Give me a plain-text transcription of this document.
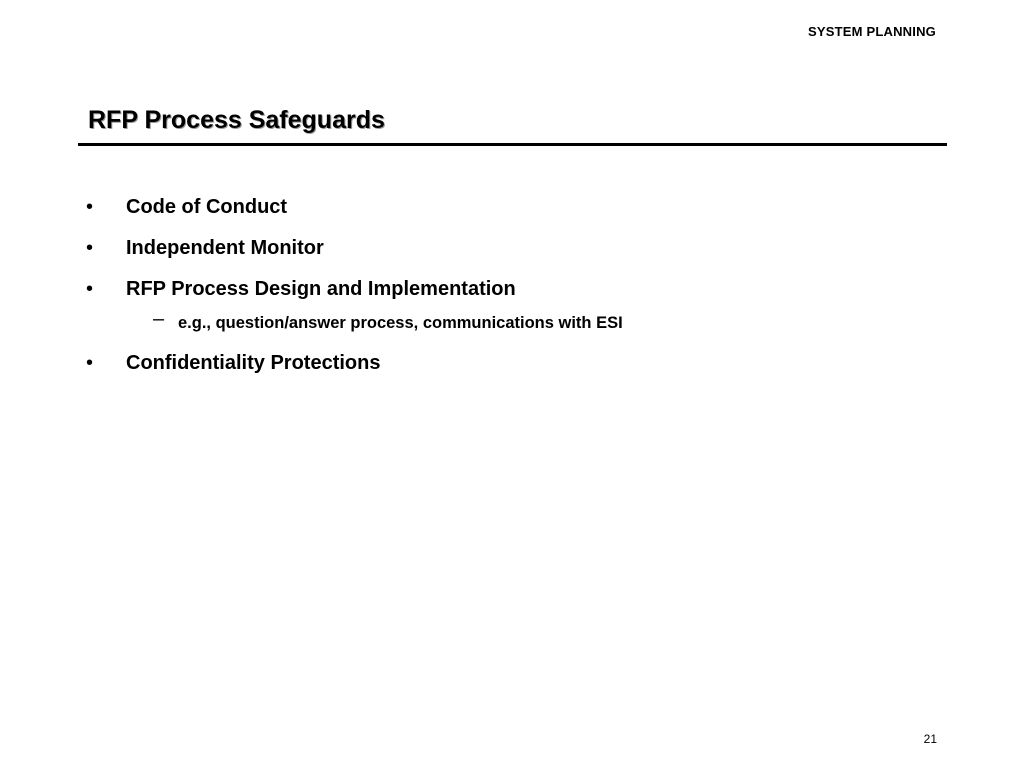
SYSTEM PLANNING
RFP Process Safeguards
• Code of Conduct
• Independent Monitor
• RFP Process Design and Implementation
– e.g., question/answer process, communications with ESI
• Confidentiality Protections
21
